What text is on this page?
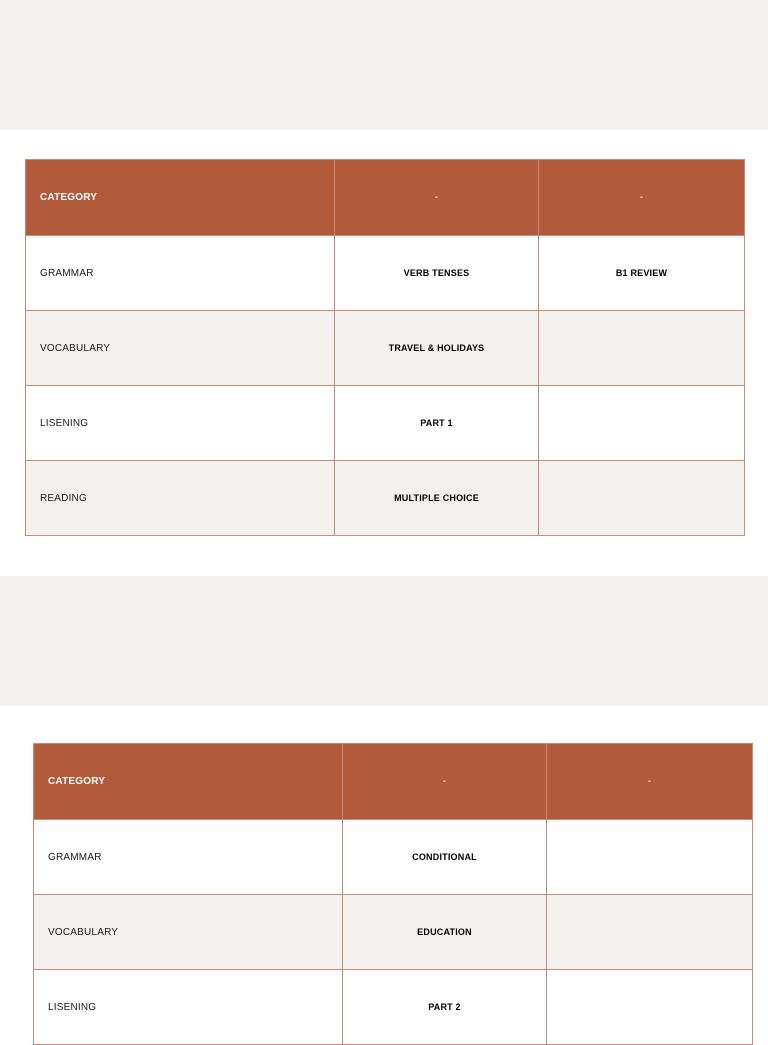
CATEGORY	-	-
GRAMMAR	VERB TENSES	B1 REVIEW
VOCABULARY	TRAVEL & HOLIDAYS	
LISENING	PART 1	
READING	MULTIPLE CHOICE	
CATEGORY	-	-
GRAMMAR	CONDITIONAL	
VOCABULARY	EDUCATION	
LISENING	PART 2	
